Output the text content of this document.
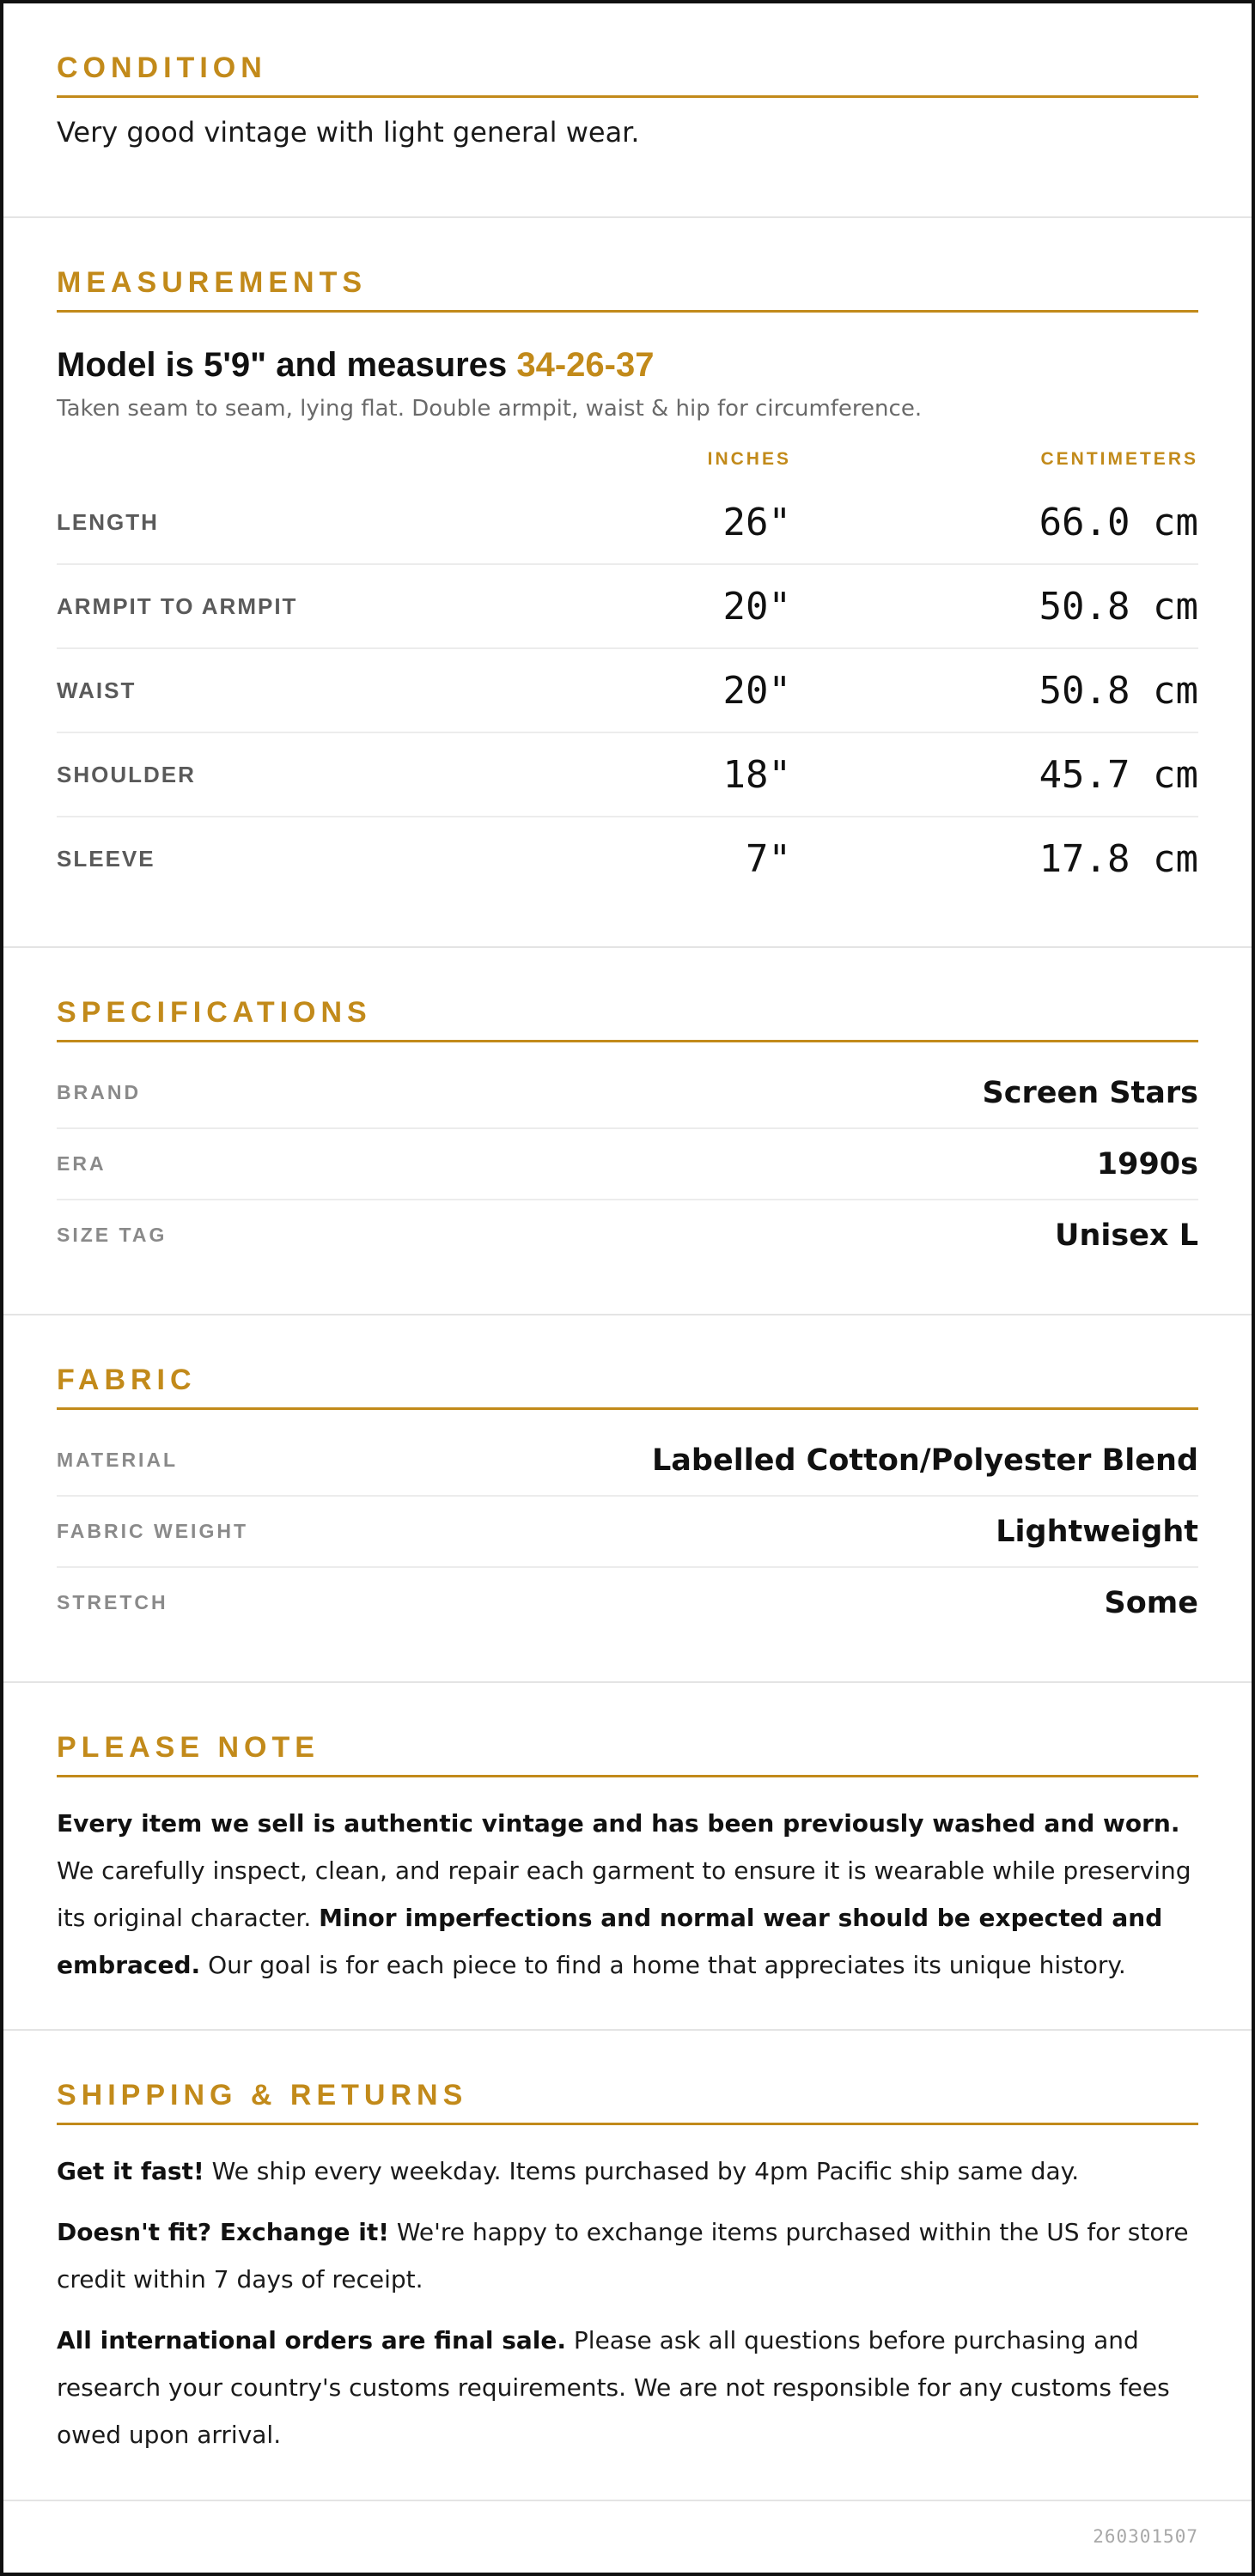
CONDITION

Very good vintage with light general wear.

MEASUREMENTS

Model is 5'9" and measures 34-26-37

Taken seam to seam, lying flat. Double armpit, waist & hip for circumference.

INCHES	CENTIMETERS
LENGTH	26"	66.0 cm
ARMPIT TO ARMPIT	20"	50.8 cm
WAIST	20"	50.8 cm
SHOULDER	18"	45.7 cm
SLEEVE	7"	17.8 cm
SPECIFICATIONS
BRAND	Screen Stars
ERA	1990s
SIZE TAG	Unisex L
FABRIC
MATERIAL	Labelled Cotton/Polyester Blend
FABRIC WEIGHT	Lightweight
STRETCH	Some
PLEASE NOTE

Every item we sell is authentic vintage and has been previously washed and worn. We carefully inspect, clean, and repair each garment to ensure it is wearable while preserving its original character. Minor imperfections and normal wear should be expected and embraced. Our goal is for each piece to find a home that appreciates its unique history.

SHIPPING & RETURNS

Get it fast! We ship every weekday. Items purchased by 4pm Pacific ship same day.

Doesn't fit? Exchange it! We're happy to exchange items purchased within the US for store credit within 7 days of receipt.

All international orders are final sale. Please ask all questions before purchasing and research your country's customs requirements. We are not responsible for any customs fees owed upon arrival.

260301507
